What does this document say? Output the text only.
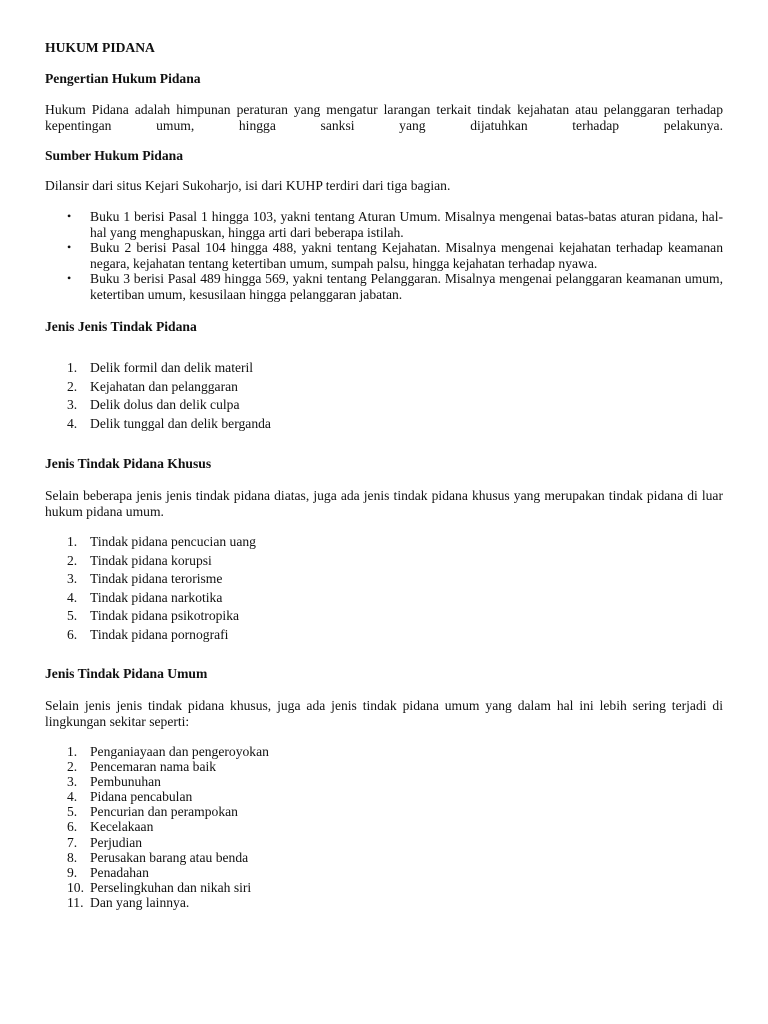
HUKUM PIDANA
Pengertian Hukum Pidana

Hukum Pidana adalah himpunan peraturan yang mengatur larangan terkait tindak kejahatan atau pelanggaran terhadap kepentingan umum, hingga sanksi yang dijatuhkan terhadap pelakunya.

Sumber Hukum Pidana

Dilansir dari situs Kejari Sukoharjo, isi dari KUHP terdiri dari tiga bagian.

• Buku 1 berisi Pasal 1 hingga 103, yakni tentang Aturan Umum. Misalnya mengenai batas-batas aturan pidana, hal-hal yang menghapuskan, hingga arti dari beberapa istilah.
• Buku 2 berisi Pasal 104 hingga 488, yakni tentang Kejahatan. Misalnya mengenai kejahatan terhadap keamanan negara, kejahatan tentang ketertiban umum, sumpah palsu, hingga kejahatan terhadap nyawa.
• Buku 3 berisi Pasal 489 hingga 569, yakni tentang Pelanggaran. Misalnya mengenai pelanggaran keamanan umum, ketertiban umum, kesusilaan hingga pelanggaran jabatan.
Jenis Jenis Tindak Pidana
1. Delik formil dan delik materil
2. Kejahatan dan pelanggaran
3. Delik dolus dan delik culpa
4. Delik tunggal dan delik berganda
Jenis Tindak Pidana Khusus

Selain beberapa jenis jenis tindak pidana diatas, juga ada jenis tindak pidana khusus yang merupakan tindak pidana di luar hukum pidana umum.

1. Tindak pidana pencucian uang
2. Tindak pidana korupsi
3. Tindak pidana terorisme
4. Tindak pidana narkotika
5. Tindak pidana psikotropika
6. Tindak pidana pornografi
Jenis Tindak Pidana Umum

Selain jenis jenis tindak pidana khusus, juga ada jenis tindak pidana umum yang dalam hal ini lebih sering terjadi di lingkungan sekitar seperti:

1. Penganiayaan dan pengeroyokan
2. Pencemaran nama baik
3. Pembunuhan
4. Pidana pencabulan
5. Pencurian dan perampokan
6. Kecelakaan
7. Perjudian
8. Perusakan barang atau benda
9. Penadahan
10. Perselingkuhan dan nikah siri
11. Dan yang lainnya.
